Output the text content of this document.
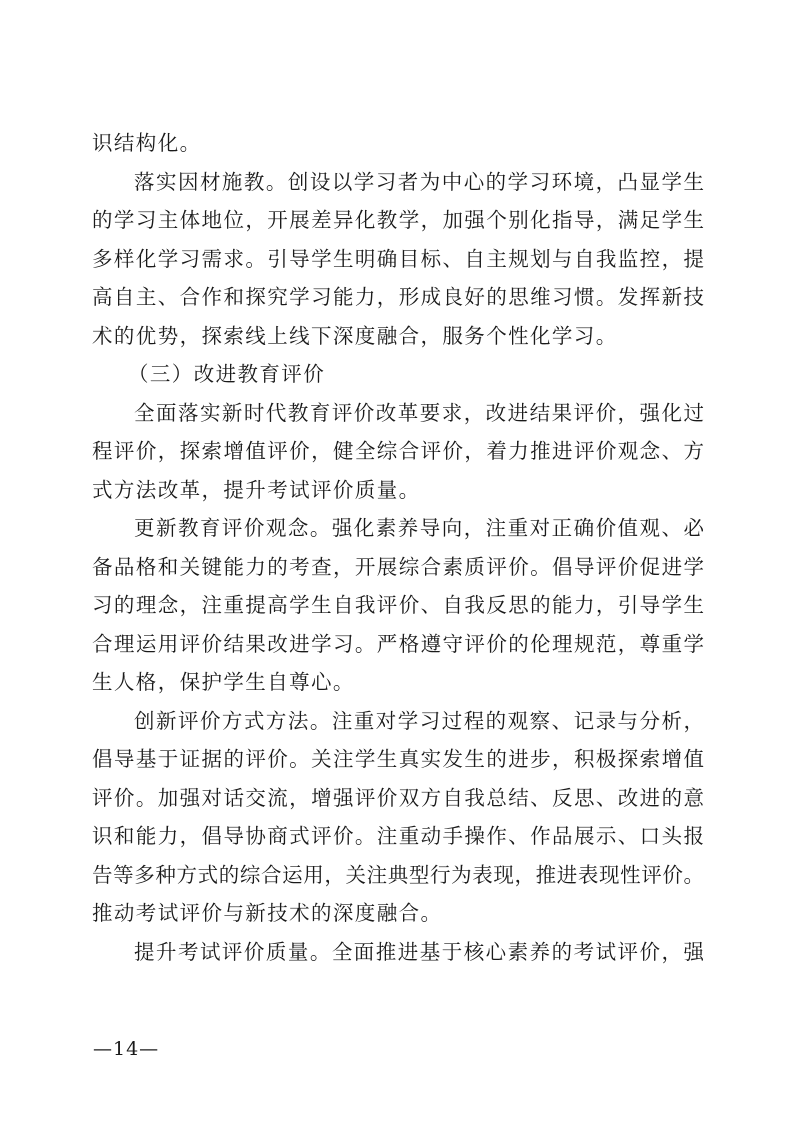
识结构化。
落实因材施教。创设以学习者为中心的学习环境，凸显学生
的学习主体地位，开展差异化教学，加强个别化指导，满足学生
多样化学习需求。引导学生明确目标、自主规划与自我监控，提
高自主、合作和探究学习能力，形成良好的思维习惯。发挥新技
术的优势，探索线上线下深度融合，服务个性化学习。
（三）改进教育评价
全面落实新时代教育评价改革要求，改进结果评价，强化过
程评价，探索增值评价，健全综合评价，着力推进评价观念、方
式方法改革，提升考试评价质量。
更新教育评价观念。强化素养导向，注重对正确价值观、必
备品格和关键能力的考查，开展综合素质评价。倡导评价促进学
习的理念，注重提高学生自我评价、自我反思的能力，引导学生
合理运用评价结果改进学习。严格遵守评价的伦理规范，尊重学
生人格，保护学生自尊心。
创新评价方式方法。注重对学习过程的观察、记录与分析，
倡导基于证据的评价。关注学生真实发生的进步，积极探索增值
评价。加强对话交流，增强评价双方自我总结、反思、改进的意
识和能力，倡导协商式评价。注重动手操作、作品展示、口头报
告等多种方式的综合运用，关注典型行为表现，推进表现性评价。
推动考试评价与新技术的深度融合。
提升考试评价质量。全面推进基于核心素养的考试评价，强
—14—
